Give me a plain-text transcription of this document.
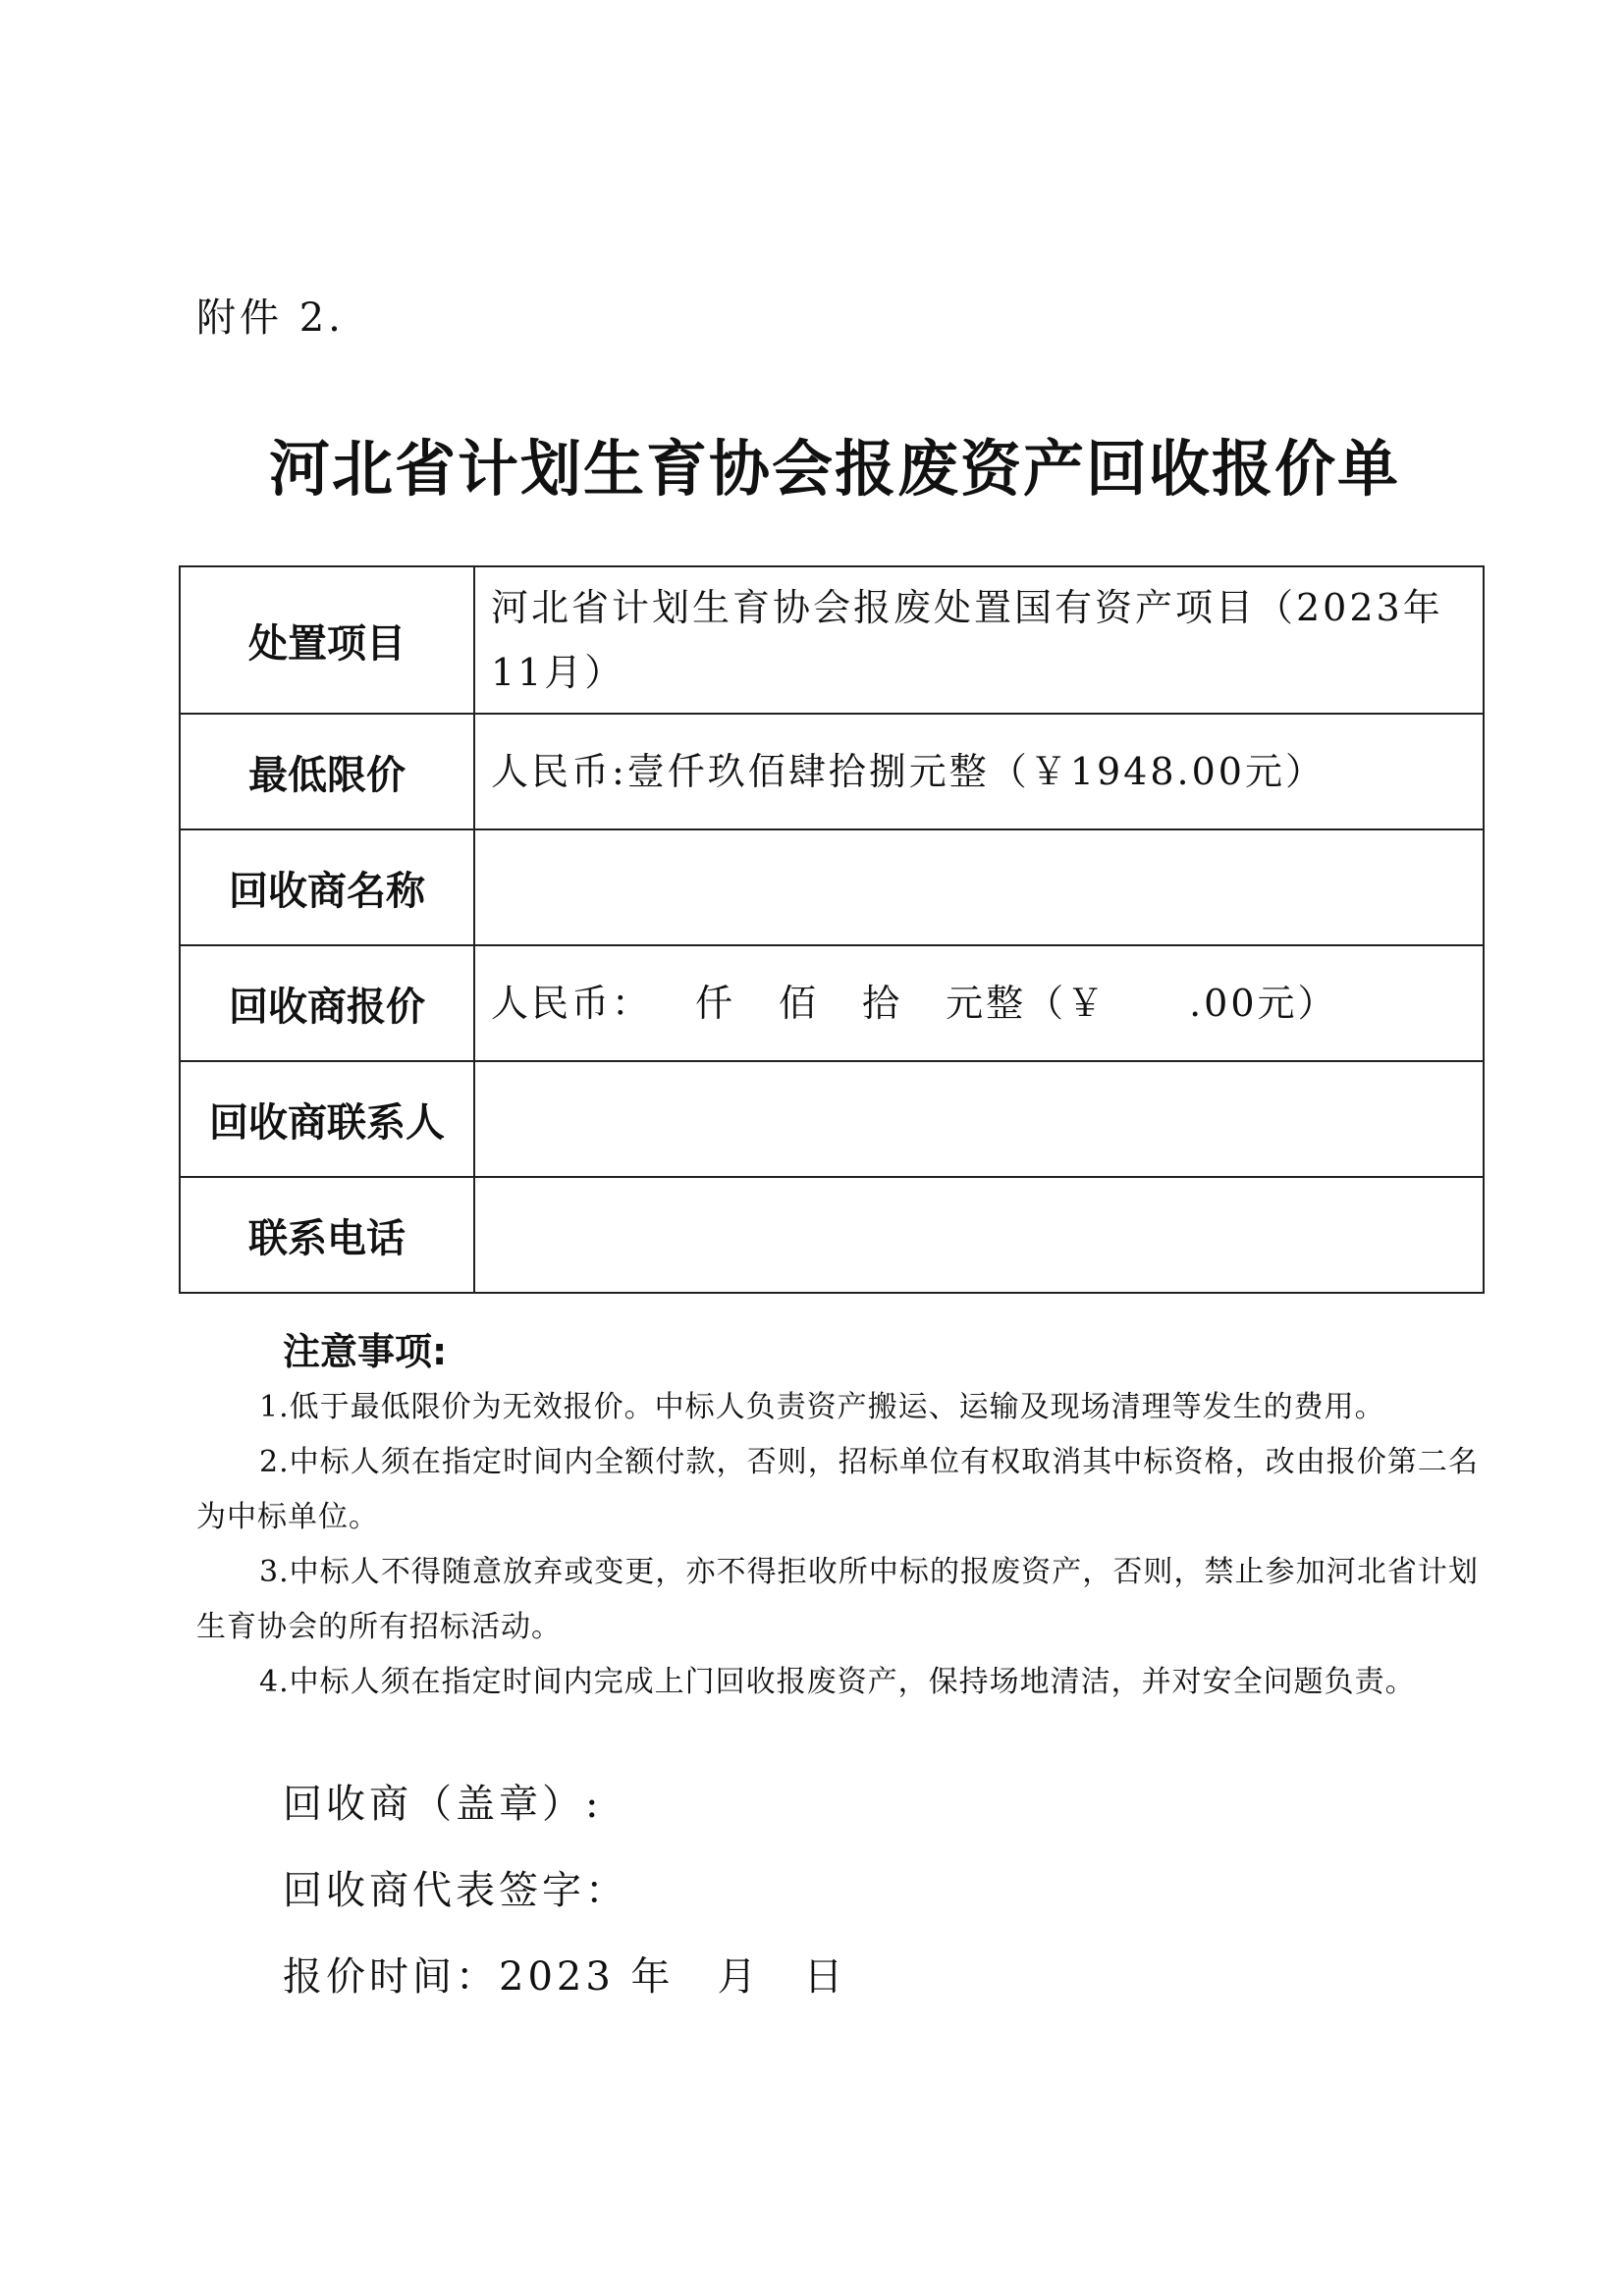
附件 2.
河北省计划生育协会报废资产回收报价单
处置项目	河北省计划生育协会报废处置国有资产项目（2023年11月）
最低限价	人民币:壹仟玖佰肆拾捌元整（￥1948.00元）
回收商名称	
回收商报价	人民币： 仟 佰 拾 元整（￥ .00元）
回收商联系人	
联系电话	
注意事项:

1.低于最低限价为无效报价。中标人负责资产搬运、运输及现场清理等发生的费用。

2.中标人须在指定时间内全额付款，否则，招标单位有权取消其中标资格，改由报价第二名为中标单位。

3.中标人不得随意放弃或变更，亦不得拒收所中标的报废资产，否则，禁止参加河北省计划生育协会的所有招标活动。

4.中标人须在指定时间内完成上门回收报废资产，保持场地清洁，并对安全问题负责。

回收商（盖章）:
回收商代表签字：
报价时间：2023 年 月 日
